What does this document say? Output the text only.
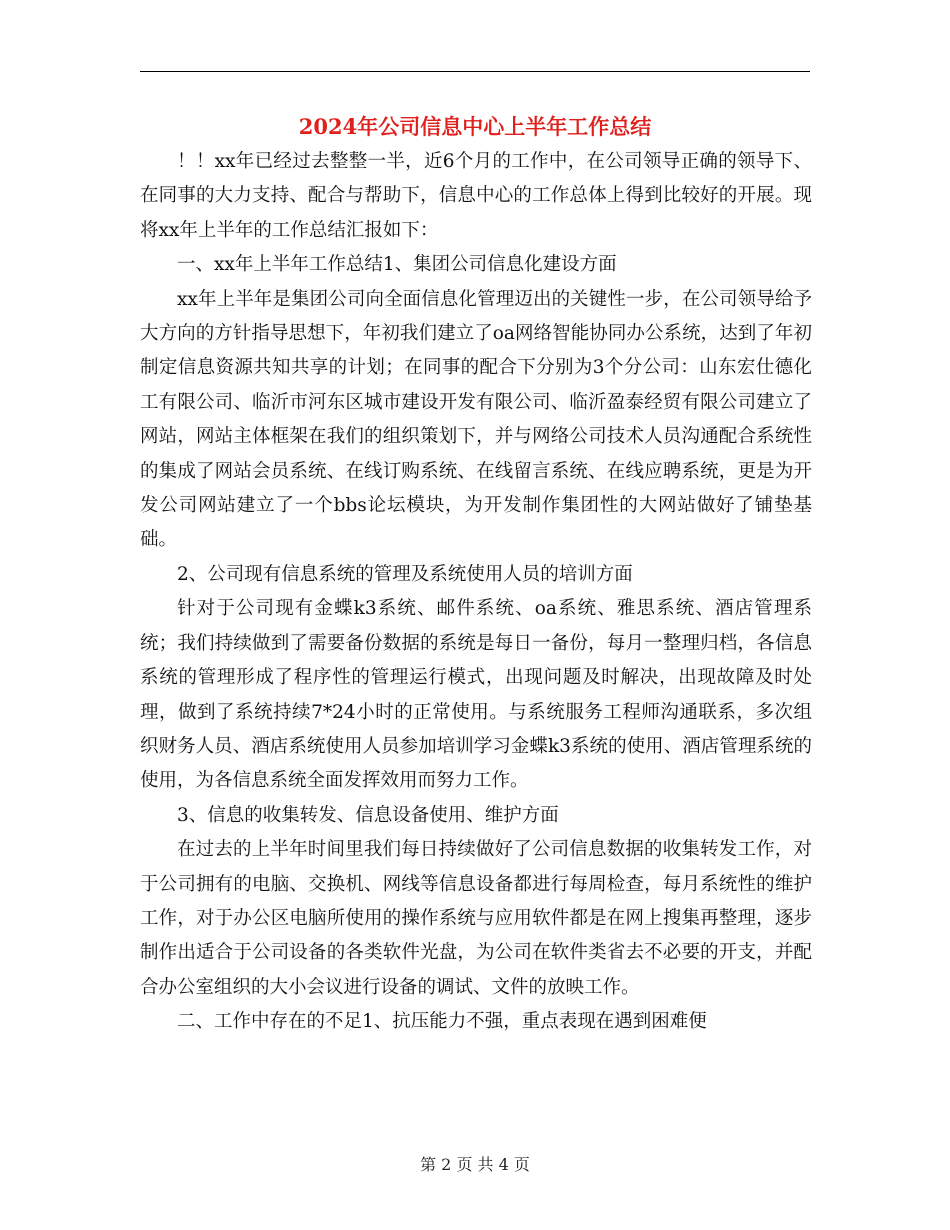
2024年公司信息中心上半年工作总结

！！xx年已经过去整整一半，近6个月的工作中，在公司领导正确的领导下、在同事的大力支持、配合与帮助下，信息中心的工作总体上得到比较好的开展。现将xx年上半年的工作总结汇报如下：

一、xx年上半年工作总结1、集团公司信息化建设方面

xx年上半年是集团公司向全面信息化管理迈出的关键性一步，在公司领导给予大方向的方针指导思想下，年初我们建立了oa网络智能协同办公系统，达到了年初制定信息资源共知共享的计划；在同事的配合下分别为3个分公司：山东宏仕德化工有限公司、临沂市河东区城市建设开发有限公司、临沂盈泰经贸有限公司建立了网站，网站主体框架在我们的组织策划下，并与网络公司技术人员沟通配合系统性的集成了网站会员系统、在线订购系统、在线留言系统、在线应聘系统，更是为开发公司网站建立了一个bbs论坛模块，为开发制作集团性的大网站做好了铺垫基础。

2、公司现有信息系统的管理及系统使用人员的培训方面

针对于公司现有金蝶k3系统、邮件系统、oa系统、雅思系统、酒店管理系统；我们持续做到了需要备份数据的系统是每日一备份，每月一整理归档，各信息系统的管理形成了程序性的管理运行模式，出现问题及时解决，出现故障及时处理，做到了系统持续7*24小时的正常使用。与系统服务工程师沟通联系，多次组织财务人员、酒店系统使用人员参加培训学习金蝶k3系统的使用、酒店管理系统的使用，为各信息系统全面发挥效用而努力工作。

3、信息的收集转发、信息设备使用、维护方面

在过去的上半年时间里我们每日持续做好了公司信息数据的收集转发工作，对于公司拥有的电脑、交换机、网线等信息设备都进行每周检查，每月系统性的维护工作，对于办公区电脑所使用的操作系统与应用软件都是在网上搜集再整理，逐步制作出适合于公司设备的各类软件光盘，为公司在软件类省去不必要的开支，并配合办公室组织的大小会议进行设备的调试、文件的放映工作。

二、工作中存在的不足1、抗压能力不强，重点表现在遇到困难便

第 2 页 共 4 页
